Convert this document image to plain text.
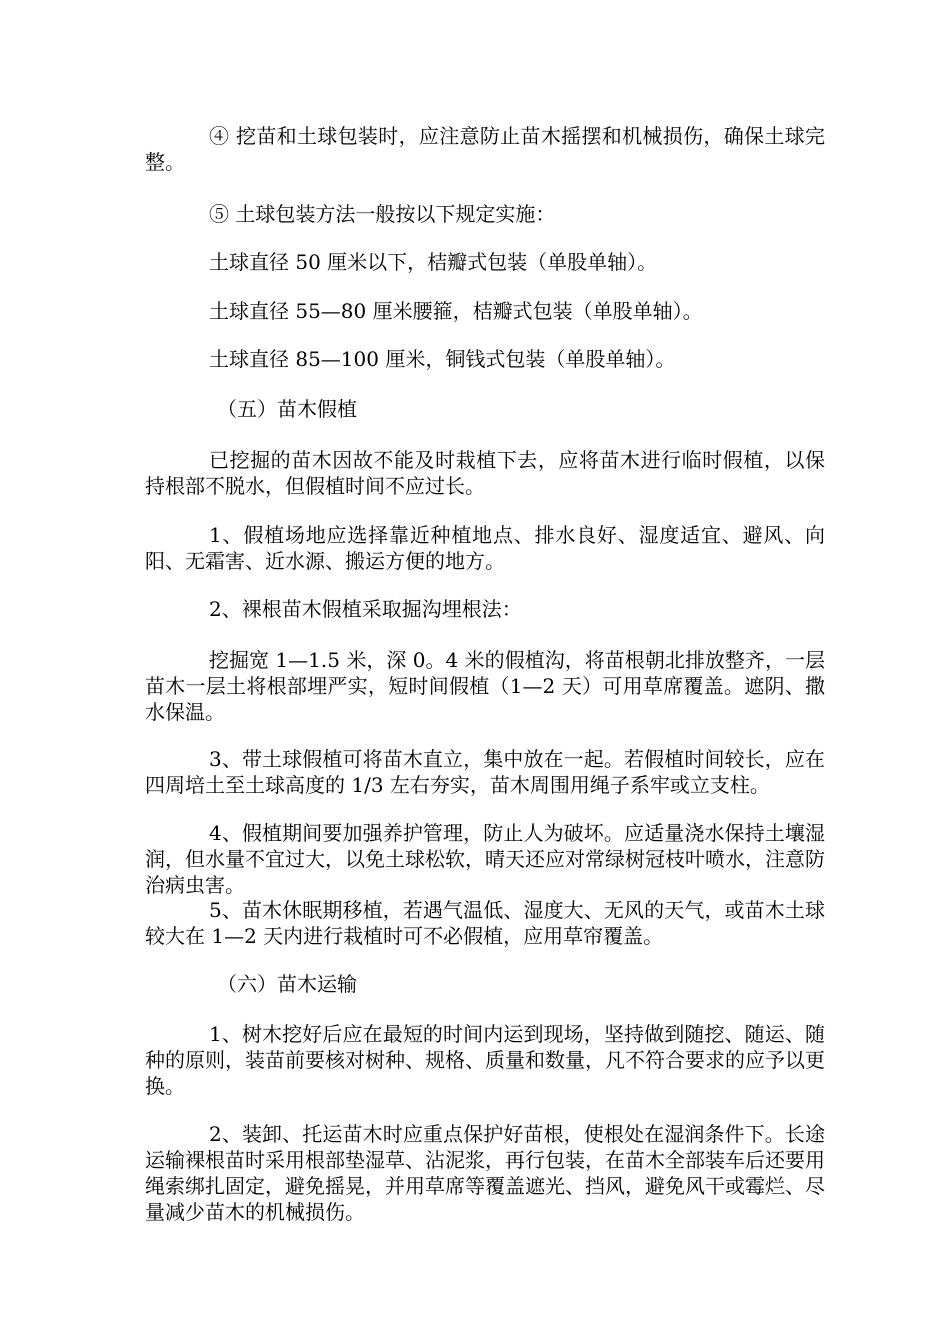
④ 挖苗和土球包装时，应注意防止苗木摇摆和机械损伤，确保土球完整。
⑤ 土球包装方法一般按以下规定实施：
土球直径 50 厘米以下，桔瓣式包装（单股单轴）。
土球直径 55—80 厘米腰箍，桔瓣式包装（单股单轴）。
土球直径 85—100 厘米，铜钱式包装（单股单轴）。
（五）苗木假植
已挖掘的苗木因故不能及时栽植下去，应将苗木进行临时假植，以保持根部不脱水，但假植时间不应过长。
1、假植场地应选择靠近种植地点、排水良好、湿度适宜、避风、向阳、无霜害、近水源、搬运方便的地方。
2、裸根苗木假植采取掘沟埋根法：
挖掘宽 1—1.5 米，深 0。4 米的假植沟，将苗根朝北排放整齐，一层苗木一层土将根部埋严实，短时间假植（1—2 天）可用草席覆盖。遮阴、撒水保温。
3、带土球假植可将苗木直立，集中放在一起。若假植时间较长，应在四周培土至土球高度的 1/3 左右夯实，苗木周围用绳子系牢或立支柱。
4、假植期间要加强养护管理，防止人为破坏。应适量浇水保持土壤湿润，但水量不宜过大，以免土球松软，晴天还应对常绿树冠枝叶喷水，注意防治病虫害。
5、苗木休眠期移植，若遇气温低、湿度大、无风的天气，或苗木土球较大在 1—2 天内进行栽植时可不必假植，应用草帘覆盖。
（六）苗木运输
1、树木挖好后应在最短的时间内运到现场，坚持做到随挖、随运、随种的原则，装苗前要核对树种、规格、质量和数量，凡不符合要求的应予以更换。
2、装卸、托运苗木时应重点保护好苗根，使根处在湿润条件下。长途运输裸根苗时采用根部垫湿草、沾泥浆，再行包装，在苗木全部装车后还要用绳索绑扎固定，避免摇晃，并用草席等覆盖遮光、挡风，避免风干或霉烂、尽量减少苗木的机械损伤。
